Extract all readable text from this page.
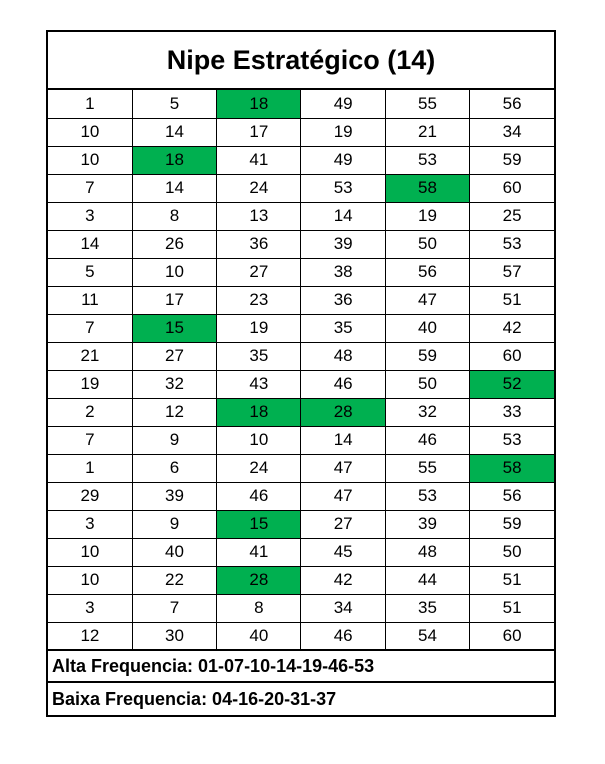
Nipe Estratégico (14)
1	5	18	49	55	56
10	14	17	19	21	34
10	18	41	49	53	59
7	14	24	53	58	60
3	8	13	14	19	25
14	26	36	39	50	53
5	10	27	38	56	57
11	17	23	36	47	51
7	15	19	35	40	42
21	27	35	48	59	60
19	32	43	46	50	52
2	12	18	28	32	33
7	9	10	14	46	53
1	6	24	47	55	58
29	39	46	47	53	56
3	9	15	27	39	59
10	40	41	45	48	50
10	22	28	42	44	51
3	7	8	34	35	51
12	30	40	46	54	60
Alta Frequencia: 01-07-10-14-19-46-53
Baixa Frequencia: 04-16-20-31-37
